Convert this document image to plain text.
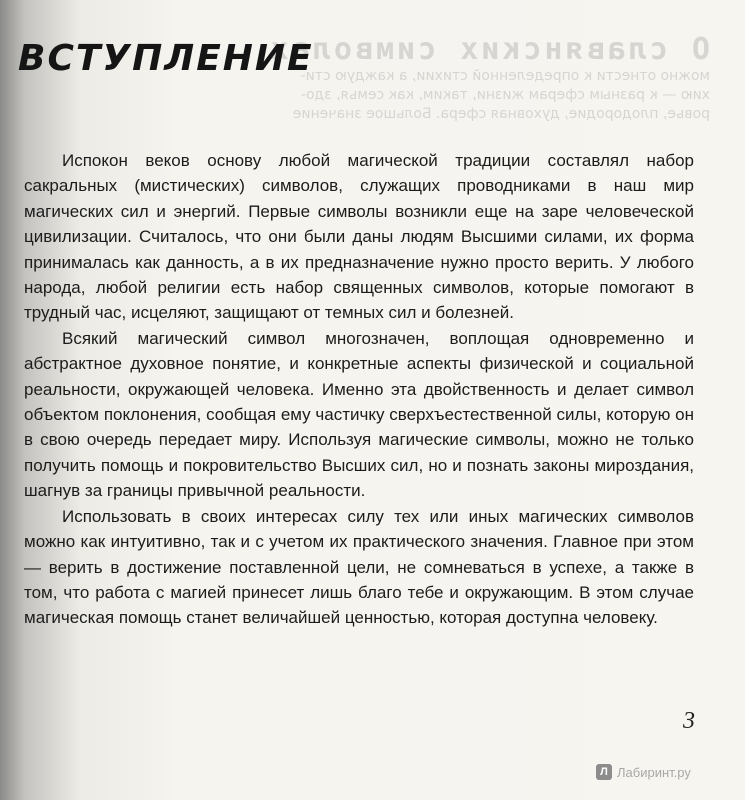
О славянских символах

можно отнести к определенной стихии, а каждую сти-

хию — к разным сферам жизни, таким, как семья, здо-

ровье, плодородие, духовная сфера. Большое значение

ВСТУПЛЕНИЕ

Испокон веков основу любой магической традиции составлял набор сакральных (мистических) символов, служащих проводниками в наш мир магических сил и энергий. Первые символы возникли еще на заре человеческой цивилизации. Считалось, что они были даны людям Высшими силами, их форма принималась как данность, а в их предназначение нужно просто верить. У любого народа, любой религии есть набор священных символов, которые помогают в трудный час, исцеляют, защищают от темных сил и болезней.

Всякий магический символ многозначен, воплощая одновременно и абстрактное духовное понятие, и конкретные аспекты физической и социальной реальности, окружающей человека. Именно эта двойственность и делает символ объектом поклонения, сообщая ему частичку сверхъестественной силы, которую он в свою очередь передает миру. Используя магические символы, можно не только получить помощь и покровительство Высших сил, но и познать законы мироздания, шагнув за границы привычной реальности.

Использовать в своих интересах силу тех или иных магических символов можно как интуитивно, так и с учетом их практического значения. Главное при этом — верить в достижение поставленной цели, не сомневаться в успехе, а также в том, что работа с магией принесет лишь благо тебе и окружающим. В этом случае магическая помощь станет величайшей ценностью, которая доступна человеку.

3
Л Лабиринт.ру
